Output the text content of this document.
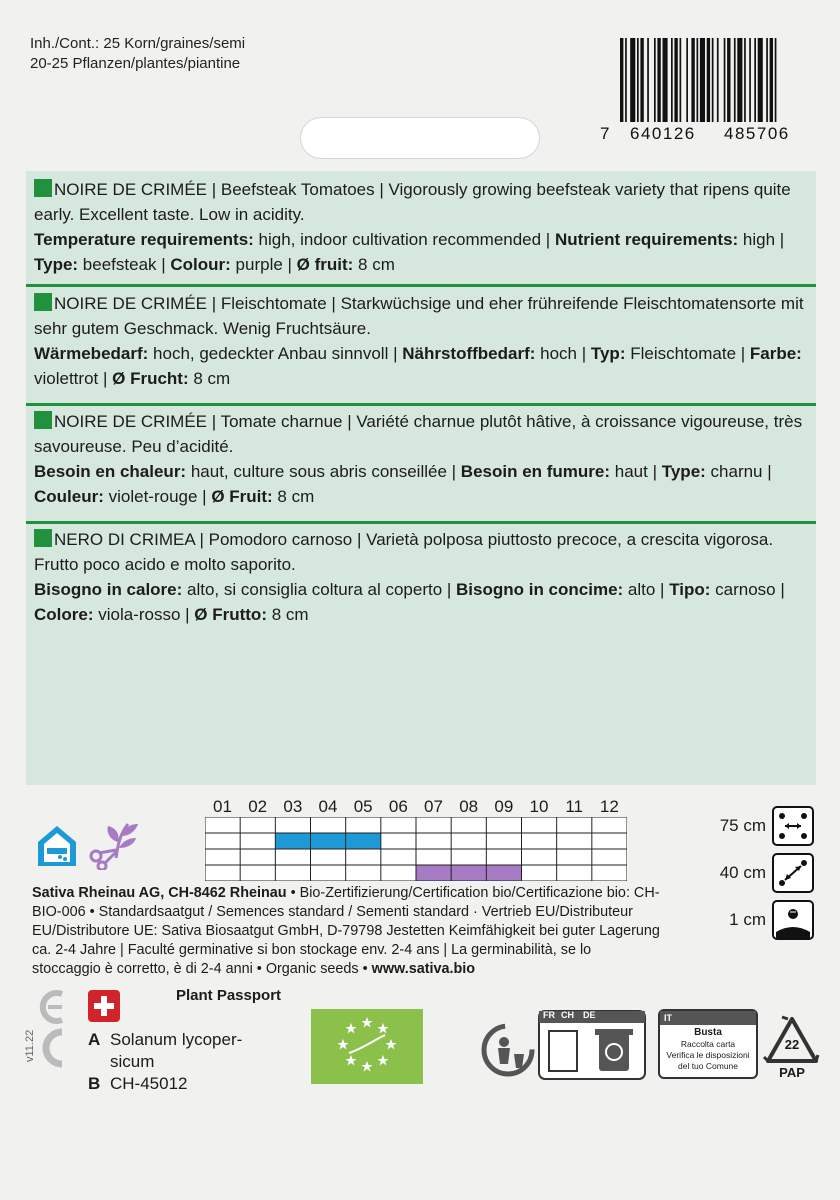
Inh./Cont.: 25 Korn/graines/semi
20-25 Pflanzen/plantes/piantine
7 640126 485706
NOIRE DE CRIMÉE | Beefsteak Tomatoes | Vigorously growing beefsteak variety that ripens quite early. Excellent taste. Low in acidity.
Temperature requirements: high, indoor cultivation recommended | Nutrient requirements: high | Type: beefsteak | Colour: purple | Ø fruit: 8 cm
NOIRE DE CRIMÉE | Fleischtomate | Starkwüchsige und eher frühreifende Fleischtomatensorte mit sehr gutem Geschmack. Wenig Fruchtsäure.
Wärmebedarf: hoch, gedeckter Anbau sinnvoll | Nährstoffbedarf: hoch | Typ: Fleischtomate | Farbe: violettrot | Ø Frucht: 8 cm
NOIRE DE CRIMÉE | Tomate charnue | Variété charnue plutôt hâtive, à croissance vigoureuse, très savoureuse. Peu d’acidité.
Besoin en chaleur: haut, culture sous abris conseillée | Besoin en fumure: haut | Type: charnu | Couleur: violet-rouge | Ø Fruit: 8 cm
NERO DI CRIMEA | Pomodoro carnoso | Varietà polposa piuttosto precoce, a crescita vigorosa. Frutto poco acido e molto saporito.
Bisogno in calore: alto, si consiglia coltura al coperto | Bisogno in concime: alto | Tipo: carnoso | Colore: viola-rosso | Ø Frutto: 8 cm
01 02 03 04 05 06 07 08 09 10 11 12
75 cm
40 cm
1 cm
Sativa Rheinau AG, CH-8462 Rheinau • Bio-Zertifizierung/Certification bio/Certificazione bio: CH-BIO-006 • Standardsaatgut / Semences standard / Sementi standard · Vertrieb EU/Distributeur EU/Distributore UE: Sativa Biosaatgut GmbH, D-79798 Jestetten Keimfähigkeit bei guter Lagerung ca. 2-4 Jahre | Faculté germinative si bon stockage env. 2-4 ans | La germinabilità, se lo stoccaggio è corretto, è di 2-4 anni • Organic seeds • www.sativa.bio
v11.22
Plant Passport
A Solanum lycoper-
sicum
B CH-45012
FR CH DE	IT
Busta
Raccolta carta
Verifica le disposizioni
del tuo Comune
22
PAP
